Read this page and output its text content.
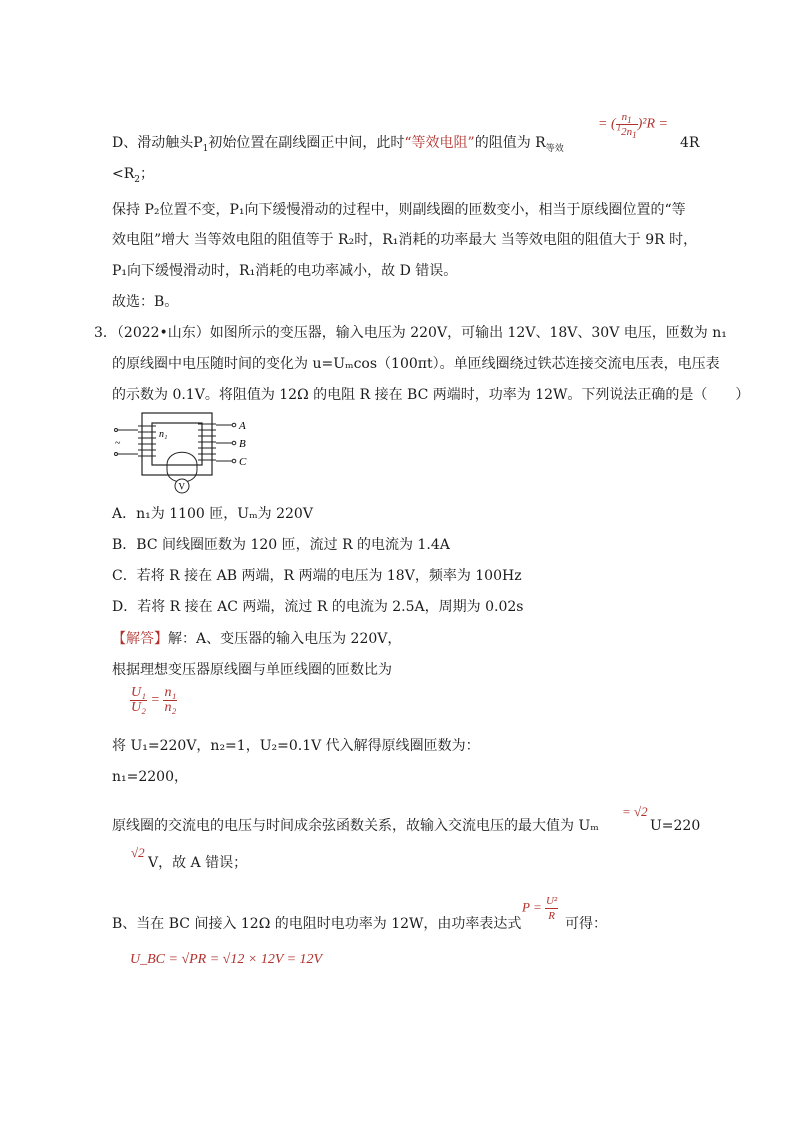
= ( $\frac{n_1}{^12n_1} )^2R$ =
D、滑动触头$P_1$初始位置在副线圈正中间，此时“等效电阻”的阻值为 $R_{等效}$	4R
$<R_2$；
保持 P₂位置不变，P₁向下缓慢滑动的过程中，则副线圈的匝数变小，相当于原线圈位置的“等
效电阻”增大 当等效电阻的阻值等于 R₂时，R₁消耗的功率最大 当等效电阻的阻值大于 9R 时，
P₁向下缓慢滑动时，R₁消耗的电功率减小，故 D 错误。
故选：B。
3．（2022•山东）如图所示的变压器，输入电压为 220V，可输出 12V、18V、30V 电压，匝数为 n₁
的原线圈中电压随时间的变化为 u=Uₘcos（100πt）。单匝线圈绕过铁芯连接交流电压表，电压表
的示数为 0.1V。将阻值为 12Ω 的电阻 R 接在 BC 两端时，功率为 12W。下列说法正确的是（　　）
~
n₁
A
B
C
V
A．n₁为 1100 匝，Uₘ为 220V
B．BC 间线圈匝数为 120 匝，流过 R 的电流为 1.4A
C．若将 R 接在 AB 两端，R 两端的电压为 18V，频率为 100Hz
D．若将 R 接在 AC 两端，流过 R 的电流为 2.5A，周期为 0.02s
【解答】解：A、变压器的输入电压为 220V，
根据理想变压器原线圈与单匝线圈的匝数比为
$\frac{\text{U₁}}{\text{U₂}} = \frac{\text{n₁}}{\text{n₂}}$
将 U₁=220V，n₂=1，U₂=0.1V 代入解得原线圈匝数为：
n₁=2200，
= √2
原线圈的交流电的电压与时间成余弦函数关系，故输入交流电压的最大值为 Uₘ	U=220
√2
V，故 A 错误；
$P = \frac{\text{U²}}{R}$
B、当在 BC 间接入 12Ω 的电阻时电功率为 12W，由功率表达式	可得：
U_BC = √PR = √12 × 12V = 12V
